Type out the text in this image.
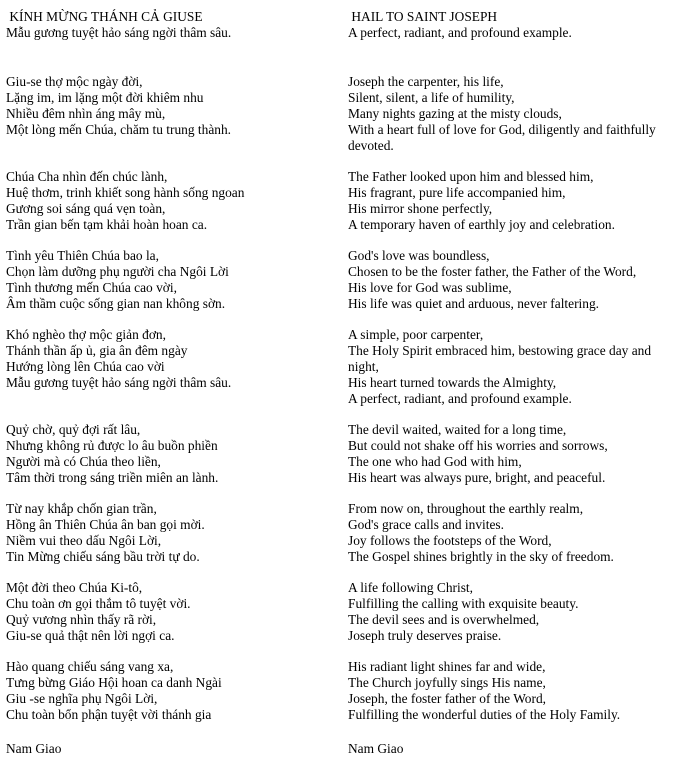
KÍNH MỪNG THÁNH CẢ GIUSE
Mẫu gương tuyệt hảo sáng ngời thâm sâu.
HAIL TO SAINT JOSEPH
A perfect, radiant, and profound example.
Giu-se thợ mộc ngày đời,
Lặng im, im lặng một đời khiêm nhu
Nhiều đêm nhìn áng mây mù,
Một lòng mến Chúa, chăm tu trung thành.
Joseph the carpenter, his life,
Silent, silent, a life of humility,
Many nights gazing at the misty clouds,
With a heart full of love for God, diligently and faithfully devoted.
Chúa Cha nhìn đến chúc lành,
Huệ thơm, trinh khiết song hành sống ngoan
Gương soi sáng quá vẹn toàn,
Trần gian bến tạm khải hoàn hoan ca.
The Father looked upon him and blessed him,
His fragrant, pure life accompanied him,
His mirror shone perfectly,
A temporary haven of earthly joy and celebration.
Tình yêu Thiên Chúa bao la,
Chọn làm dưỡng phụ người cha Ngôi Lời
Tình thương mến Chúa cao vời,
Âm thầm cuộc sống gian nan không sờn.
God's love was boundless,
Chosen to be the foster father, the Father of the Word,
His love for God was sublime,
His life was quiet and arduous, never faltering.
Khó nghèo thợ mộc giản đơn,
Thánh thần ấp ủ, gia ân đêm ngày
Hướng lòng lên Chúa cao vời
Mẫu gương tuyệt hảo sáng ngời thâm sâu.
A simple, poor carpenter,
The Holy Spirit embraced him, bestowing grace day and night,
His heart turned towards the Almighty,
A perfect, radiant, and profound example.
Quỷ chờ, quỷ đợi rất lâu,
Nhưng không rủ được lo âu buồn phiền
Người mà có Chúa theo liền,
Tâm thời trong sáng triền miên an lành.
The devil waited, waited for a long time,
But could not shake off his worries and sorrows,
The one who had God with him,
His heart was always pure, bright, and peaceful.
Từ nay khắp chốn gian trần,
Hồng ân Thiên Chúa ân ban gọi mời.
Niềm vui theo dấu Ngôi Lời,
Tin Mừng chiếu sáng bầu trời tự do.
From now on, throughout the earthly realm,
God's grace calls and invites.
Joy follows the footsteps of the Word,
The Gospel shines brightly in the sky of freedom.
Một đời theo Chúa Ki-tô,
Chu toàn ơn gọi thắm tô tuyệt vời.
Quỷ vương nhìn thấy rã rời,
Giu-se quả thật nên lời ngợi ca.
A life following Christ,
Fulfilling the calling with exquisite beauty.
The devil sees and is overwhelmed,
Joseph truly deserves praise.
Hào quang chiếu sáng vang xa,
Tưng bừng Giáo Hội hoan ca danh Ngài
Giu -se nghĩa phụ Ngôi Lời,
Chu toàn bổn phận tuyệt vời thánh gia
His radiant light shines far and wide,
The Church joyfully sings His name,
Joseph, the foster father of the Word,
Fulfilling the wonderful duties of the Holy Family.
Nam Giao	Nam Giao
